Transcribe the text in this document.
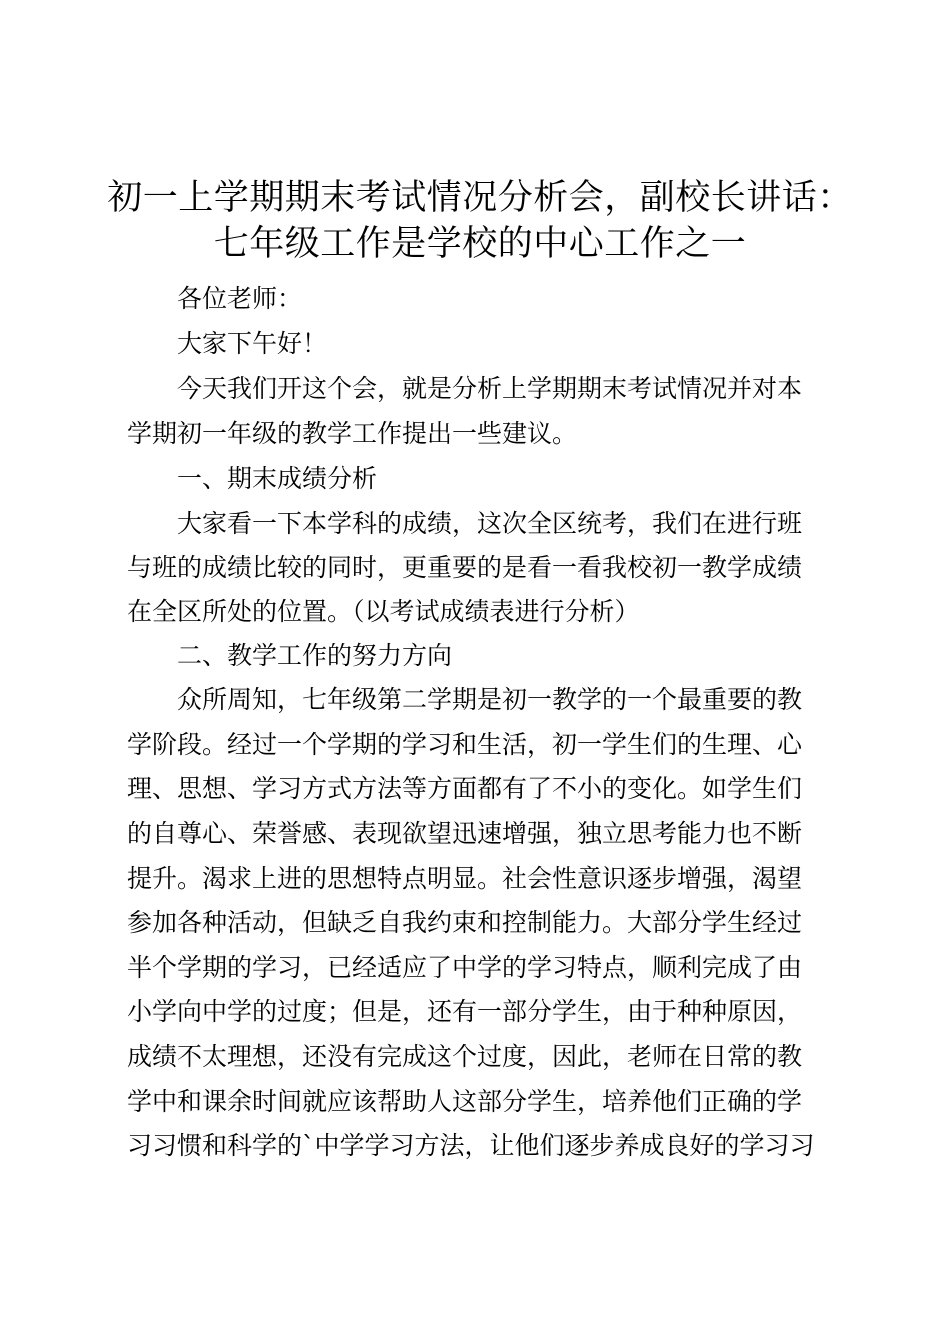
初一上学期期末考试情况分析会，副校长讲话：
七年级工作是学校的中心工作之一
各位老师：
大家下午好！
今天我们开这个会，就是分析上学期期末考试情况并对本
学期初一年级的教学工作提出一些建议。
一、期末成绩分析
大家看一下本学科的成绩，这次全区统考，我们在进行班
与班的成绩比较的同时，更重要的是看一看我校初一教学成绩
在全区所处的位置。（以考试成绩表进行分析）
二、教学工作的努力方向
众所周知，七年级第二学期是初一教学的一个最重要的教
学阶段。经过一个学期的学习和生活，初一学生们的生理、心
理、思想、学习方式方法等方面都有了不小的变化。如学生们
的自尊心、荣誉感、表现欲望迅速增强，独立思考能力也不断
提升。渴求上进的思想特点明显。社会性意识逐步增强，渴望
参加各种活动，但缺乏自我约束和控制能力。大部分学生经过
半个学期的学习，已经适应了中学的学习特点，顺利完成了由
小学向中学的过度；但是，还有一部分学生，由于种种原因，
成绩不太理想，还没有完成这个过度，因此，老师在日常的教
学中和课余时间就应该帮助人这部分学生，培养他们正确的学
习习惯和科学的`中学学习方法，让他们逐步养成良好的学习习
